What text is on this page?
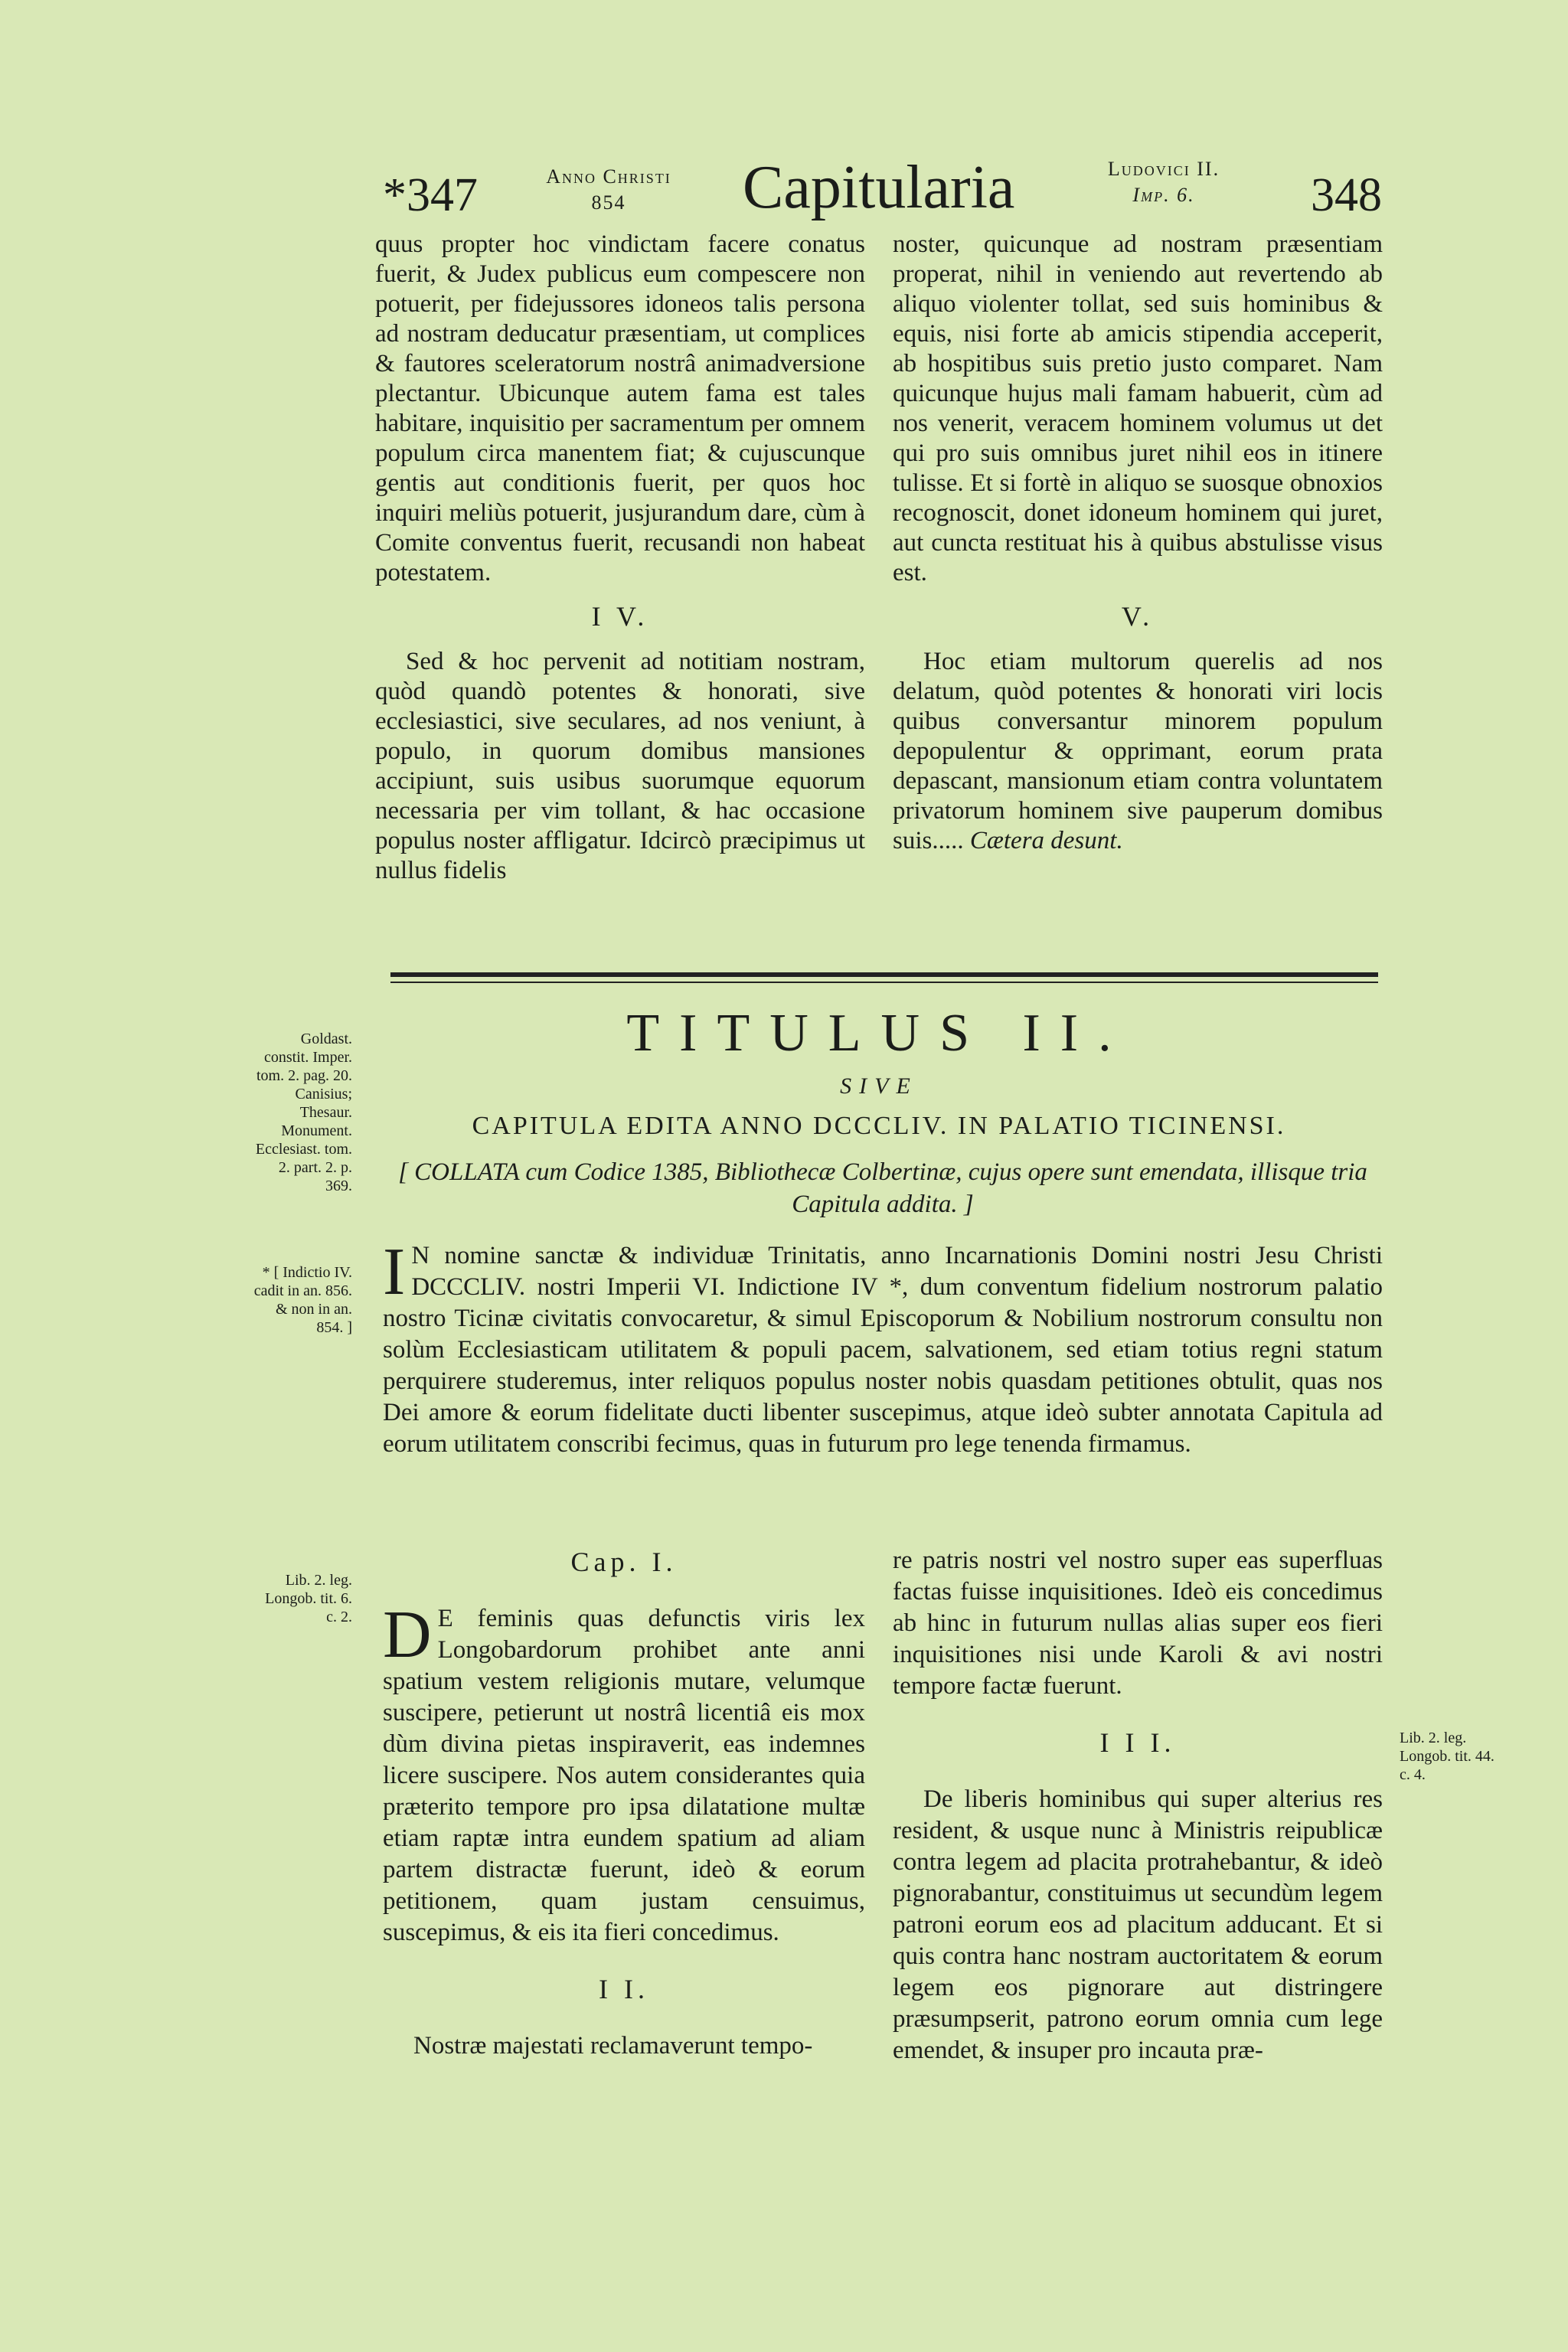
*347	Anno Christi
854	Capitularia	Ludovici II.
Imp. 6.	348

quus propter hoc vindictam facere conatus fuerit, & Judex publicus eum compescere non potuerit, per fidejussores idoneos talis persona ad nostram deducatur præsentiam, ut complices & fautores sceleratorum nostrâ animadversione plectantur. Ubicunque autem fama est tales habitare, inquisitio per sacramentum per omnem populum circa manentem fiat; & cujuscunque gentis aut conditionis fuerit, per quos hoc inquiri meliùs potuerit, jusjurandum dare, cùm à Comite conventus fuerit, recusandi non habeat potestatem.

I V.

Sed & hoc pervenit ad notitiam nostram, quòd quandò potentes & honorati, sive ecclesiastici, sive seculares, ad nos veniunt, à populo, in quorum domibus mansiones accipiunt, suis usibus suorumque equorum necessaria per vim tollant, & hac occasione populus noster affligatur. Idcircò præcipimus ut nullus fidelis

noster, quicunque ad nostram præsentiam properat, nihil in veniendo aut revertendo ab aliquo violenter tollat, sed suis hominibus & equis, nisi forte ab amicis stipendia acceperit, ab hospitibus suis pretio justo comparet. Nam quicunque hujus mali famam habuerit, cùm ad nos venerit, veracem hominem volumus ut det qui pro suis omnibus juret nihil eos in itinere tulisse. Et si fortè in aliquo se suosque obnoxios recognoscit, donet idoneum hominem qui juret, aut cuncta restituat his à quibus abstulisse visus est.

V.

Hoc etiam multorum querelis ad nos delatum, quòd potentes & honorati viri locis quibus conversantur minorem populum depopulentur & opprimant, eorum prata depascant, mansionum etiam contra voluntatem privatorum hominem sive pauperum domibus suis..... Cætera desunt.

TITULUS II.
SIVE
CAPITULA EDITA ANNO DCCCLIV. IN PALATIO TICINENSI.
[ COLLATA cum Codice 1385, Bibliothecæ Colbertinæ, cujus opere sunt emendata, illisque tria Capitula addita. ]
I N nomine sanctæ & individuæ Trinitatis, anno Incarnationis Domini nostri Jesu Christi DCCCLIV. nostri Imperii VI. Indictione IV *, dum conventum fidelium nostrorum palatio nostro Ticinæ civitatis convocaretur, & simul Episcoporum & Nobilium nostrorum consultu non solùm Ecclesiasticam utilitatem & populi pacem, salvationem, sed etiam totius regni statum perquirere studeremus, inter reliquos populus noster nobis quasdam petitiones obtulit, quas nos Dei amore & eorum fidelitate ducti libenter suscepimus, atque ideò subter annotata Capitula ad eorum utilitatem conscribi fecimus, quas in futurum pro lege tenenda firmamus.
Goldast. constit. Imper. tom. 2. pag. 20. Canisius; Thesaur. Monument. Ecclesiast. tom. 2. part. 2. p. 369.
* [ Indictio IV. cadit in an. 856. & non in an. 854. ]
Lib. 2. leg. Longob. tit. 6. c. 2.
Lib. 2. leg. Longob. tit. 44. c. 4.
Cap. I.

D E feminis quas defunctis viris lex Longobardorum prohibet ante anni spatium vestem religionis mutare, velumque suscipere, petierunt ut nostrâ licentiâ eis mox dùm divina pietas inspiraverit, eas indemnes licere suscipere. Nos autem considerantes quia præterito tempore pro ipsa dilatatione multæ etiam raptæ intra eundem spatium ad aliam partem distractæ fuerunt, ideò & eorum petitionem, quam justam censuimus, suscepimus, & eis ita fieri concedimus.

I I.

Nostræ majestati reclamaverunt tempo-

re patris nostri vel nostro super eas superfluas factas fuisse inquisitiones. Ideò eis concedimus ab hinc in futurum nullas alias super eos fieri inquisitiones nisi unde Karoli & avi nostri tempore factæ fuerunt.

I I I.

De liberis hominibus qui super alterius res resident, & usque nunc à Ministris reipublicæ contra legem ad placita protrahebantur, & ideò pignorabantur, constituimus ut secundùm legem patroni eorum eos ad placitum adducant. Et si quis contra hanc nostram auctoritatem & eorum legem eos pignorare aut distringere præsumpserit, patrono eorum omnia cum lege emendet, & insuper pro incauta præ-
